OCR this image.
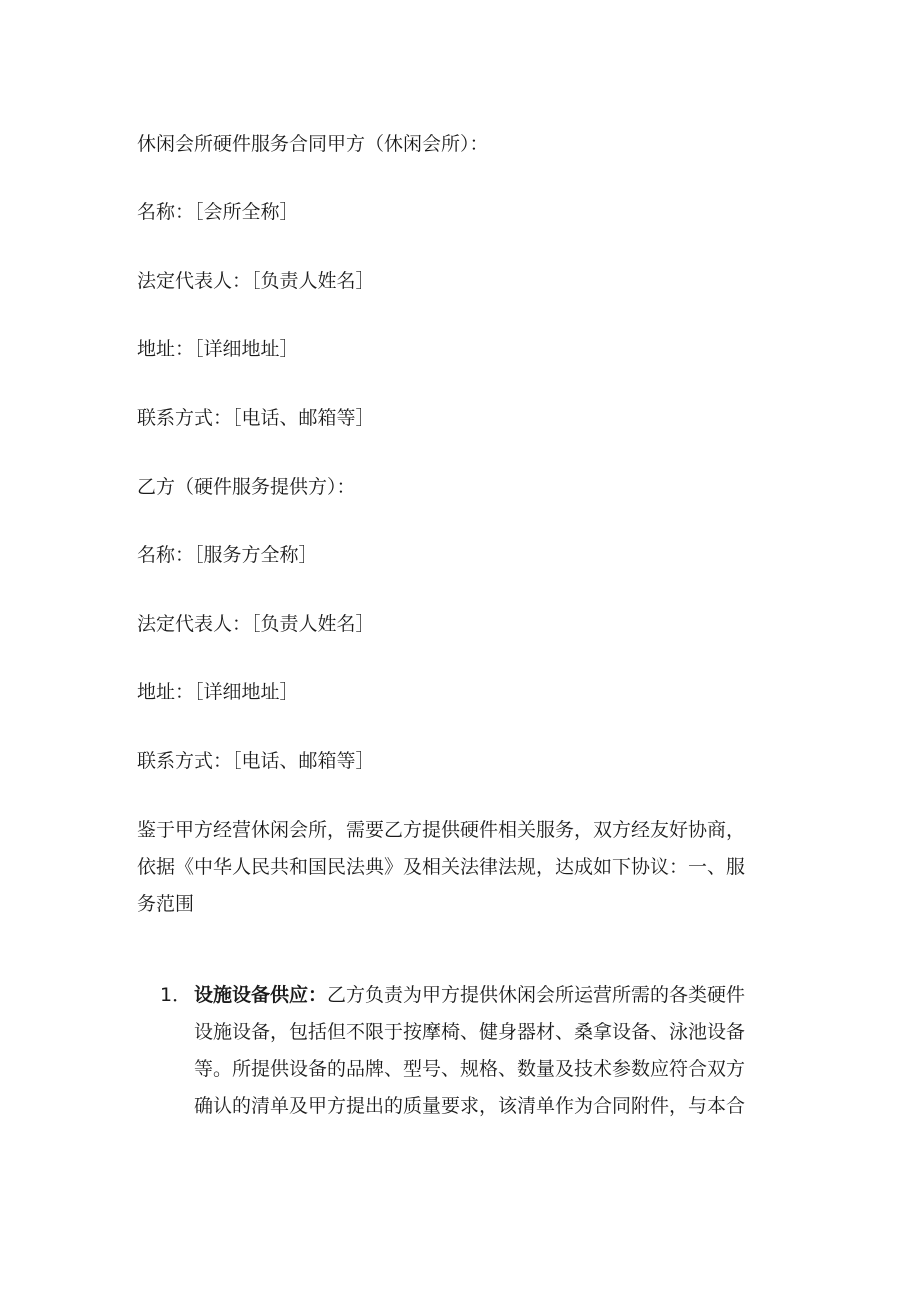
休闲会所硬件服务合同甲方（休闲会所）：
名称：［会所全称］
法定代表人：［负责人姓名］
地址：［详细地址］
联系方式：［电话、邮箱等］
乙方（硬件服务提供方）：
名称：［服务方全称］
法定代表人：［负责人姓名］
地址：［详细地址］
联系方式：［电话、邮箱等］
鉴于甲方经营休闲会所，需要乙方提供硬件相关服务，双方经友好协商，
依据《中华人民共和国民法典》及相关法律法规，达成如下协议：一、服
务范围
1． 设施设备供应：乙方负责为甲方提供休闲会所运营所需的各类硬件
设施设备，包括但不限于按摩椅、健身器材、桑拿设备、泳池设备
等。所提供设备的品牌、型号、规格、数量及技术参数应符合双方
确认的清单及甲方提出的质量要求，该清单作为合同附件，与本合
